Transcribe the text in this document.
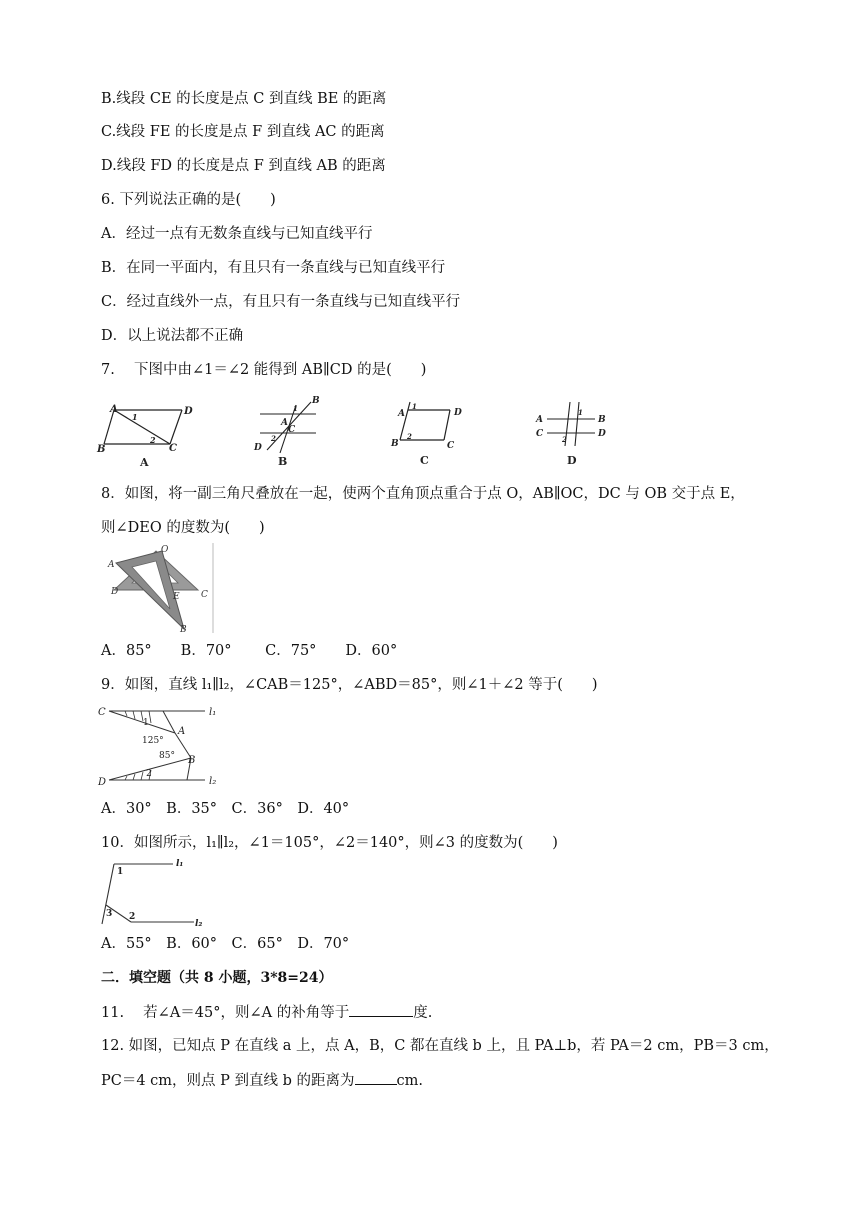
B.线段 CE 的长度是点 C 到直线 BE 的距离
C.线段 FE 的长度是点 F 到直线 AC 的距离
D.线段 FD 的长度是点 F 到直线 AB 的距离
6. 下列说法正确的是(　　)
A．经过一点有无数条直线与已知直线平行
B．在同一平面内，有且只有一条直线与已知直线平行
C．经过直线外一点，有且只有一条直线与已知直线平行
D．以上说法都不正确
7.　 下图中由∠1＝∠2 能得到 AB∥CD 的是(　　)
A	D
B	C
1
2
A
B
A
C
D
1
2
B
A	D
B	C
1
2
C
A	B
C	D
1
2
D
8．如图，将一副三角尺叠放在一起，使两个直角顶点重合于点 O，AB∥OC，DC 与 OB 交于点 E，
则∠DEO 的度数为(　　)
O
A
D	E C
B
A．85°　　B．70°　　 C．75°　　D．60°
9．如图，直线 l₁∥l₂，∠CAB＝125°，∠ABD＝85°，则∠1＋∠2 等于(　　)
C	l₁
1
A
125°
85° B
D
2
l₂
A．30°　B．35°　C．36°　D．40°
10．如图所示，l₁∥l₂，∠1＝105°，∠2＝140°，则∠3 的度数为(　　)
l₁
1
3 2
l₂
A．55°　B．60°　C．65°　D．70°
二．填空题（共 8 小题，3*8=24）
11.　 若∠A＝45°，则∠A 的补角等于	度.
12. 如图，已知点 P 在直线 a 上，点 A，B，C 都在直线 b 上，且 PA⊥b，若 PA＝2 cm，PB＝3 cm，
PC＝4 cm，则点 P 到直线 b 的距离为	cm.
